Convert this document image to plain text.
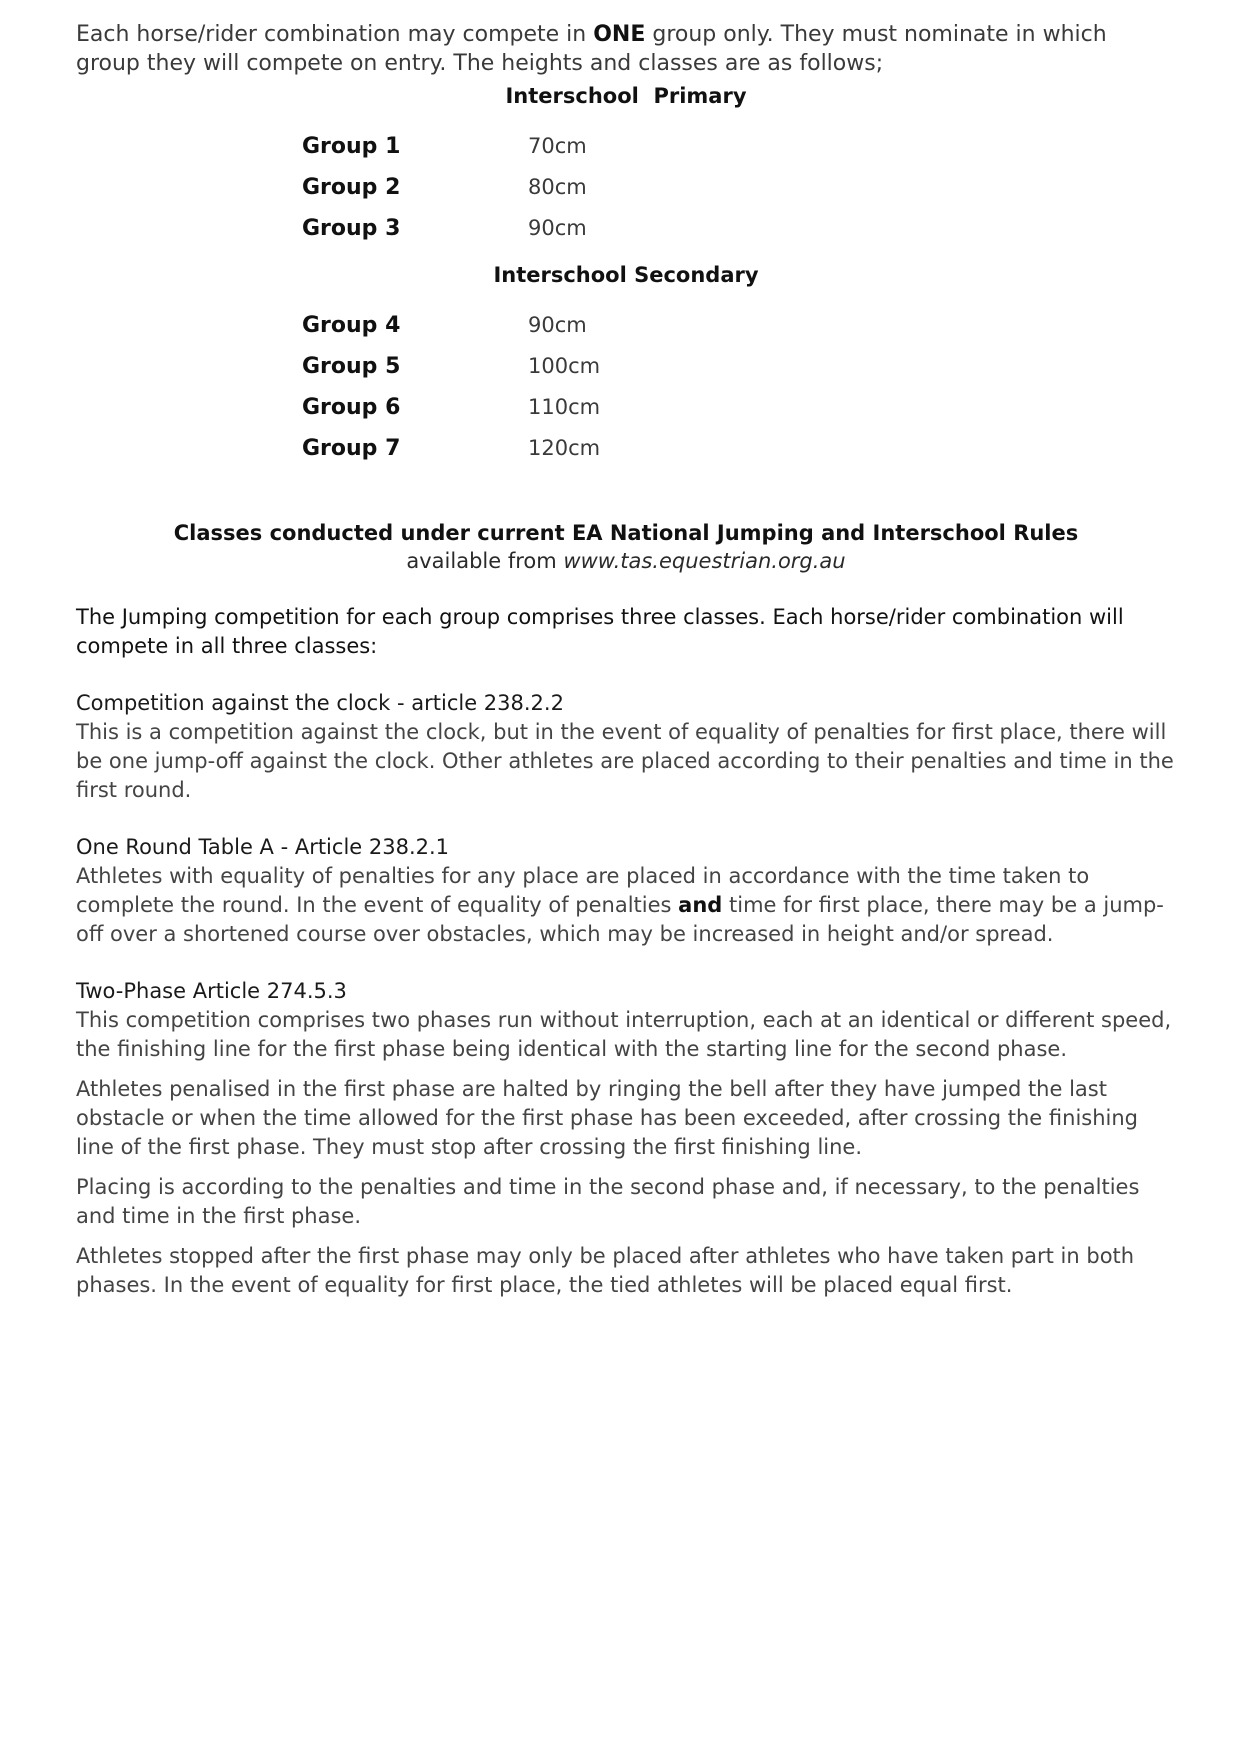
Each horse/rider combination may compete in ONE group only. They must nominate in which group they will compete on entry. The heights and classes are as follows;

Interschool  Primary
Group 1	70cm
Group 2	80cm
Group 3	90cm
Interschool Secondary
Group 4	90cm
Group 5	100cm
Group 6	110cm
Group 7	120cm
Classes conducted under current EA National Jumping and Interschool Rules
available from www.tas.equestrian.org.au

The Jumping competition for each group comprises three classes. Each horse/rider combination will compete in all three classes:

Competition against the clock - article 238.2.2

This is a competition against the clock, but in the event of equality of penalties for first place, there will be one jump-off against the clock. Other athletes are placed according to their penalties and time in the first round.

One Round Table A - Article 238.2.1

Athletes with equality of penalties for any place are placed in accordance with the time taken to complete the round. In the event of equality of penalties and time for first place, there may be a jump-off over a shortened course over obstacles, which may be increased in height and/or spread.

Two-Phase Article 274.5.3

This competition comprises two phases run without interruption, each at an identical or different speed, the finishing line for the first phase being identical with the starting line for the second phase.

Athletes penalised in the first phase are halted by ringing the bell after they have jumped the last obstacle or when the time allowed for the first phase has been exceeded, after crossing the finishing line of the first phase. They must stop after crossing the first finishing line.

Placing is according to the penalties and time in the second phase and, if necessary, to the penalties and time in the first phase.

Athletes stopped after the first phase may only be placed after athletes who have taken part in both phases. In the event of equality for first place, the tied athletes will be placed equal first.
